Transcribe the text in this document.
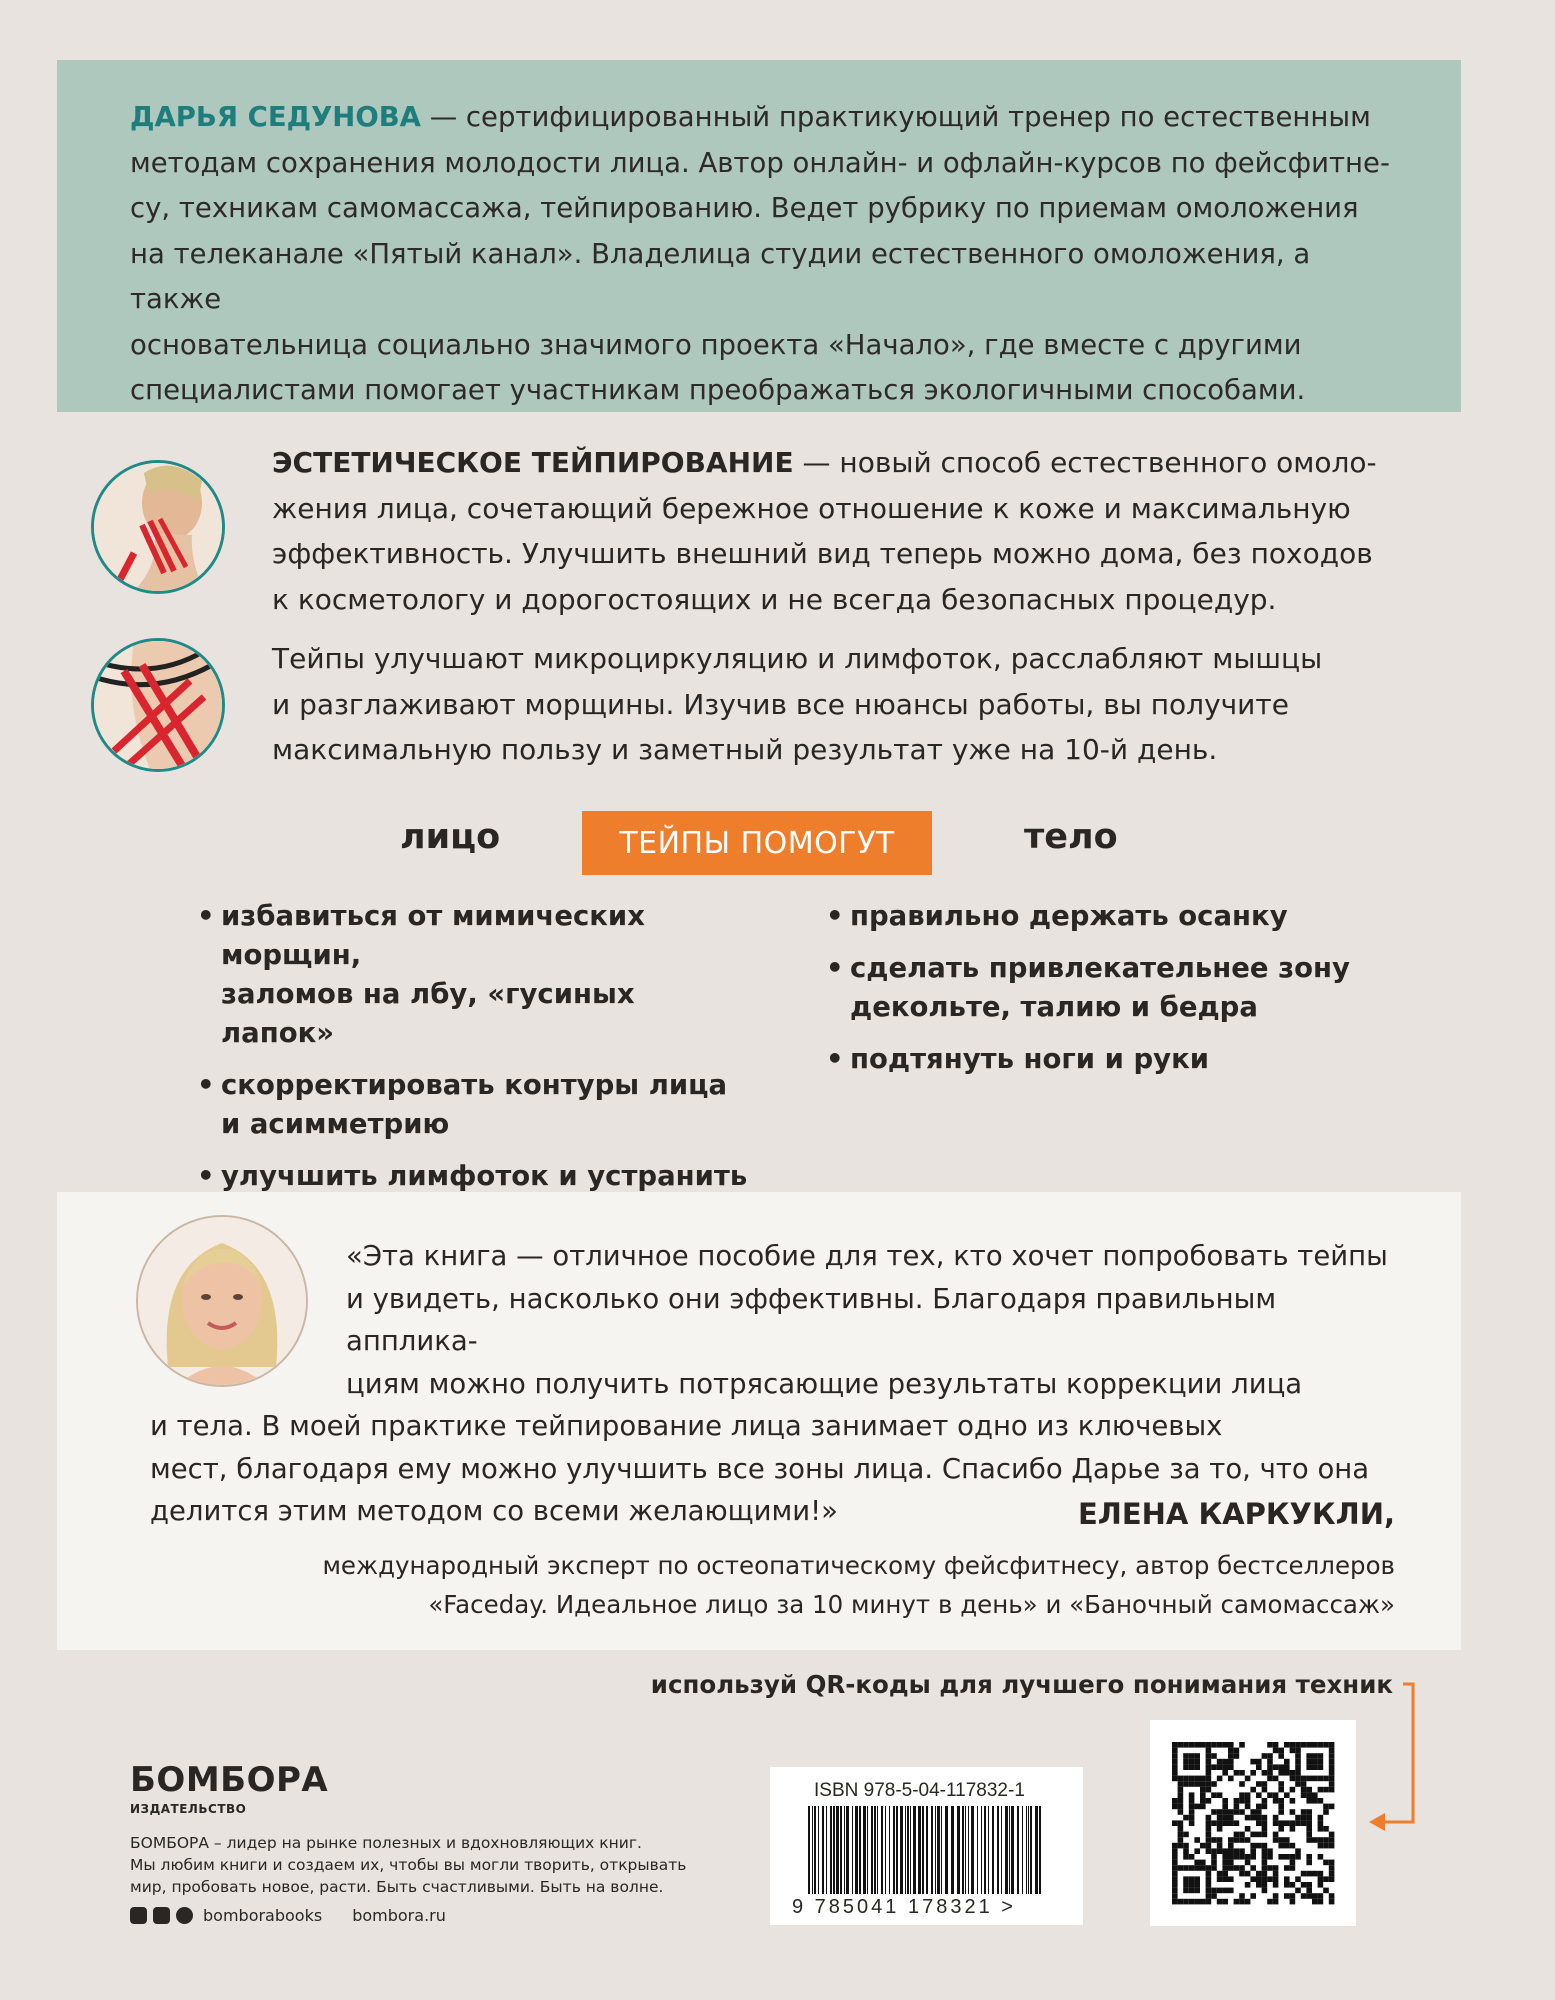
ДАРЬЯ СЕДУНОВА — сертифицированный практикующий тренер по естественным
методам сохранения молодости лица. Автор онлайн- и офлайн-курсов по фейсфитне-
су, техникам самомассажа, тейпированию. Ведет рубрику по приемам омоложения
на телеканале «Пятый канал». Владелица студии естественного омоложения, а также
основательница социально значимого проекта «Начало», где вместе с другими
специалистами помогает участникам преображаться экологичными способами.
ЭСТЕТИЧЕСКОЕ ТЕЙПИРОВАНИЕ — новый способ естественного омоло-
жения лица, сочетающий бережное отношение к коже и максимальную
эффективность. Улучшить внешний вид теперь можно дома, без походов
к косметологу и дорогостоящих и не всегда безопасных процедур.
Тейпы улучшают микроциркуляцию и лимфоток, расслабляют мышцы
и разглаживают морщины. Изучив все нюансы работы, вы получите
максимальную пользу и заметный результат уже на 10-й день.
лицо	ТЕЙПЫ ПОМОГУТ	тело
• избавиться от мимических морщин,
заломов на лбу, «гусиных лапок»
• скорректировать контуры лица
и асимметрию
• улучшить лимфоток и устранить
• правильно держать осанку
• сделать привлекательнее зону
декольте, талию и бедра
• подтянуть ноги и руки
«Эта книга — отличное пособие для тех, кто хочет попробовать тейпы
и увидеть, насколько они эффективны. Благодаря правильным апплика-
циям можно получить потрясающие результаты коррекции лица
и тела. В моей практике тейпирование лица занимает одно из ключевых
мест, благодаря ему можно улучшить все зоны лица. Спасибо Дарье за то, что она
делится этим методом со всеми желающими!»	ЕЛЕНА КАРКУКЛИ,
международный эксперт по остеопатическому фейсфитнесу, автор бестселлеров
«Faceday. Идеальное лицо за 10 минут в день» и «Баночный самомассаж»
используй QR-коды для лучшего понимания техник
БОМБОРА
ИЗДАТЕЛЬСТВО
БОМБОРА – лидер на рынке полезных и вдохновляющих книг.
Мы любим книги и создаем их, чтобы вы могли творить, открывать
мир, пробовать новое, расти. Быть счастливыми. Быть на волне.
bomborabooks bombora.ru
ISBN 978-5-04-117832-1
9 785041 178321 >
